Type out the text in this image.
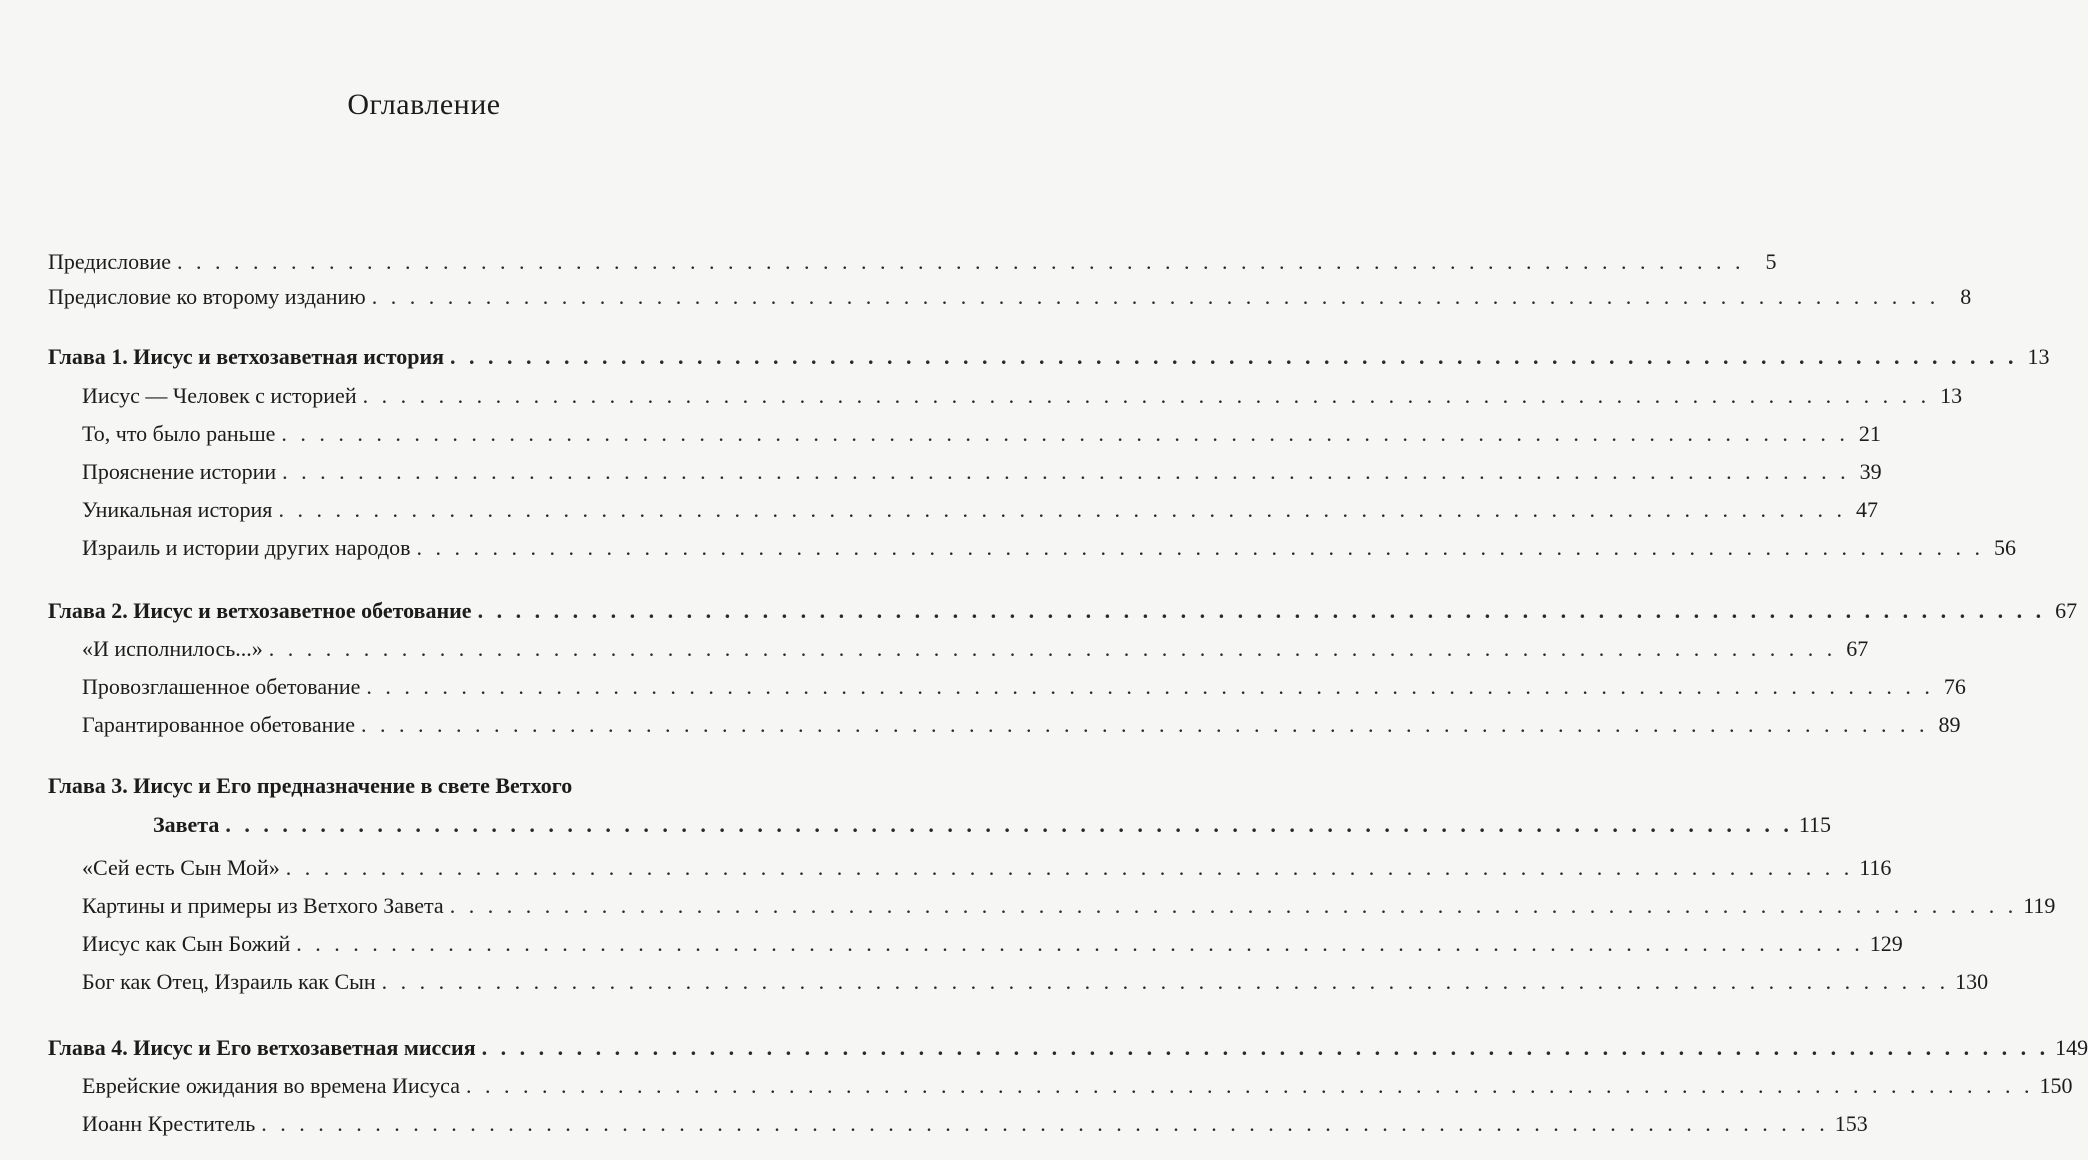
Оглавление
Предисловие . . . . . . . . . . . . . . . . . . . . . . . . . . . . . . . . . . . . . . . . . . . . . . . . . . . . . . . . . . . . . . . . . . . . . . . . . . . . . . . . . . . 5
Предисловие ко второму изданию . . . . . . . . . . . . . . . . . . . . . . . . . . . . . . . . . . . . . . . . . . . . . . . . . . . . . . . . . . . . . . . . . . . . . . . . . . . . . . . . . . . 8
Глава 1. Иисус и ветхозаветная история . . . . . . . . . . . . . . . . . . . . . . . . . . . . . . . . . . . . . . . . . . . . . . . . . . . . . . . . . . . . . . . . . . . . . . . . . . . . . . . . . . . 13
Иисус — Человек с историей . . . . . . . . . . . . . . . . . . . . . . . . . . . . . . . . . . . . . . . . . . . . . . . . . . . . . . . . . . . . . . . . . . . . . . . . . . . . . . . . . . . 13
То, что было раньше . . . . . . . . . . . . . . . . . . . . . . . . . . . . . . . . . . . . . . . . . . . . . . . . . . . . . . . . . . . . . . . . . . . . . . . . . . . . . . . . . . . 21
Прояснение истории . . . . . . . . . . . . . . . . . . . . . . . . . . . . . . . . . . . . . . . . . . . . . . . . . . . . . . . . . . . . . . . . . . . . . . . . . . . . . . . . . . . 39
Уникальная история . . . . . . . . . . . . . . . . . . . . . . . . . . . . . . . . . . . . . . . . . . . . . . . . . . . . . . . . . . . . . . . . . . . . . . . . . . . . . . . . . . . 47
Израиль и истории других народов . . . . . . . . . . . . . . . . . . . . . . . . . . . . . . . . . . . . . . . . . . . . . . . . . . . . . . . . . . . . . . . . . . . . . . . . . . . . . . . . . . . 56
Глава 2. Иисус и ветхозаветное обетование . . . . . . . . . . . . . . . . . . . . . . . . . . . . . . . . . . . . . . . . . . . . . . . . . . . . . . . . . . . . . . . . . . . . . . . . . . . . . . . . . . . 67
«И исполнилось...» . . . . . . . . . . . . . . . . . . . . . . . . . . . . . . . . . . . . . . . . . . . . . . . . . . . . . . . . . . . . . . . . . . . . . . . . . . . . . . . . . . . 67
Провозглашенное обетование . . . . . . . . . . . . . . . . . . . . . . . . . . . . . . . . . . . . . . . . . . . . . . . . . . . . . . . . . . . . . . . . . . . . . . . . . . . . . . . . . . . 76
Гарантированное обетование . . . . . . . . . . . . . . . . . . . . . . . . . . . . . . . . . . . . . . . . . . . . . . . . . . . . . . . . . . . . . . . . . . . . . . . . . . . . . . . . . . . 89
Глава 3. Иисус и Его предназначение в свете Ветхого
Завета . . . . . . . . . . . . . . . . . . . . . . . . . . . . . . . . . . . . . . . . . . . . . . . . . . . . . . . . . . . . . . . . . . . . . . . . . . . . . . . . . . . 115
«Сей есть Сын Мой» . . . . . . . . . . . . . . . . . . . . . . . . . . . . . . . . . . . . . . . . . . . . . . . . . . . . . . . . . . . . . . . . . . . . . . . . . . . . . . . . . . . 116
Картины и примеры из Ветхого Завета . . . . . . . . . . . . . . . . . . . . . . . . . . . . . . . . . . . . . . . . . . . . . . . . . . . . . . . . . . . . . . . . . . . . . . . . . . . . . . . . . . . 119
Иисус как Сын Божий . . . . . . . . . . . . . . . . . . . . . . . . . . . . . . . . . . . . . . . . . . . . . . . . . . . . . . . . . . . . . . . . . . . . . . . . . . . . . . . . . . . 129
Бог как Отец, Израиль как Сын . . . . . . . . . . . . . . . . . . . . . . . . . . . . . . . . . . . . . . . . . . . . . . . . . . . . . . . . . . . . . . . . . . . . . . . . . . . . . . . . . . . 130
Глава 4. Иисус и Его ветхозаветная миссия . . . . . . . . . . . . . . . . . . . . . . . . . . . . . . . . . . . . . . . . . . . . . . . . . . . . . . . . . . . . . . . . . . . . . . . . . . . . . . . . . . . 149
Еврейские ожидания во времена Иисуса . . . . . . . . . . . . . . . . . . . . . . . . . . . . . . . . . . . . . . . . . . . . . . . . . . . . . . . . . . . . . . . . . . . . . . . . . . . . . . . . . . . 150
Иоанн Креститель . . . . . . . . . . . . . . . . . . . . . . . . . . . . . . . . . . . . . . . . . . . . . . . . . . . . . . . . . . . . . . . . . . . . . . . . . . . . . . . . . . . 153
